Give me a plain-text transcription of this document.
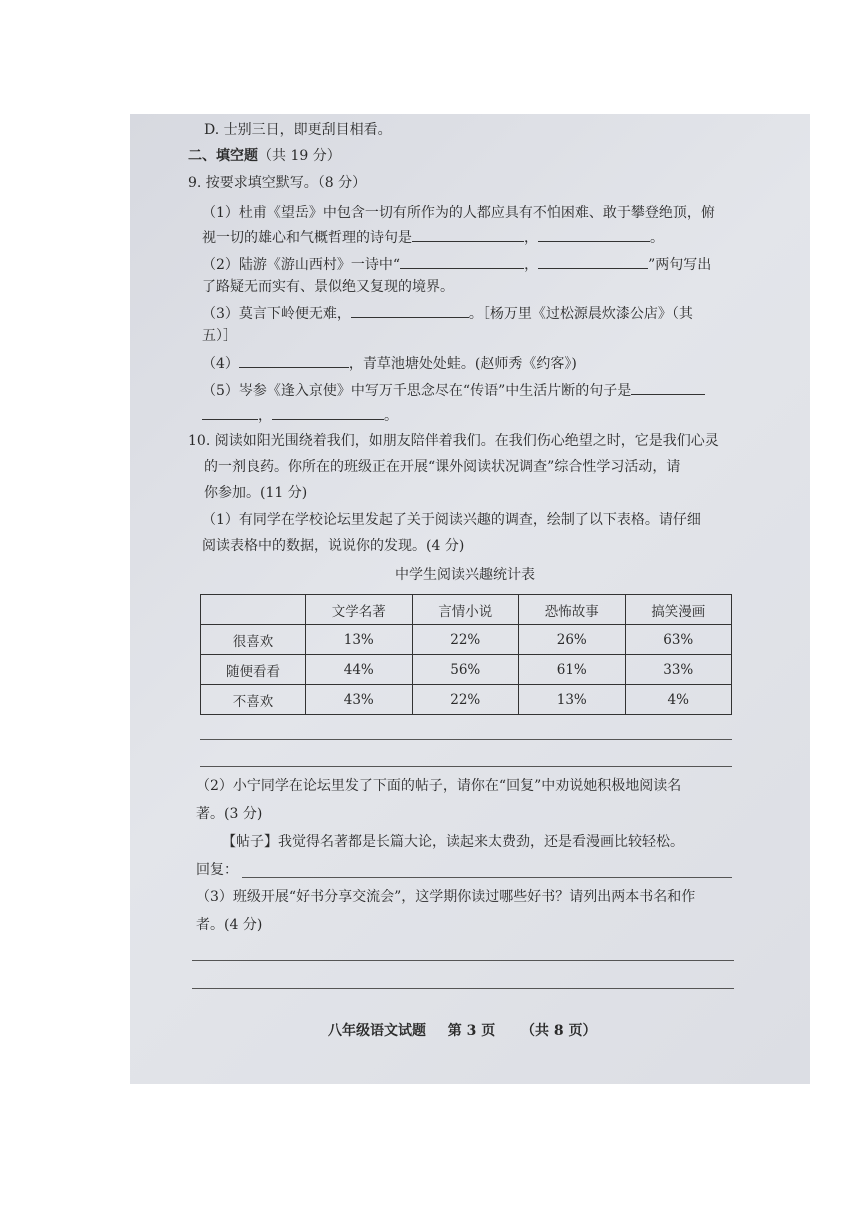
D. 士别三日，即更刮目相看。
二、填空题（共 19 分）
9. 按要求填空默写。（8 分）
（1）杜甫《望岳》中包含一切有所作为的人都应具有不怕困难、敢于攀登绝顶，俯
视一切的雄心和气概哲理的诗句是	，	。
（2）陆游《游山西村》一诗中“	，	”两句写出
了路疑无而实有、景似绝又复现的境界。
（3）莫言下岭便无难，	。［杨万里《过松源晨炊漆公店》（其
五）］
（4）	，青草池塘处处蛙。(赵师秀《约客》)
（5）岑参《逢入京使》中写万千思念尽在“传语”中生活片断的句子是
，	。
10. 阅读如阳光围绕着我们，如朋友陪伴着我们。在我们伤心绝望之时，它是我们心灵
的一剂良药。你所在的班级正在开展“课外阅读状况调查”综合性学习活动，请
你参加。(11 分)
（1）有同学在学校论坛里发起了关于阅读兴趣的调查，绘制了以下表格。请仔细
阅读表格中的数据，说说你的发现。(4 分)
中学生阅读兴趣统计表
	文学名著	言情小说	恐怖故事	搞笑漫画
很喜欢	13%	22%	26%	63%
随便看看	44%	56%	61%	33%
不喜欢	43%	22%	13%	4%
（2）小宁同学在论坛里发了下面的帖子，请你在“回复”中劝说她积极地阅读名
著。(3 分)
【帖子】我觉得名著都是长篇大论，读起来太费劲，还是看漫画比较轻松。
回复：
（3）班级开展“好书分享交流会”，这学期你读过哪些好书？请列出两本书名和作
者。(4 分)
八年级语文试题 第 3 页 （共 8 页）
